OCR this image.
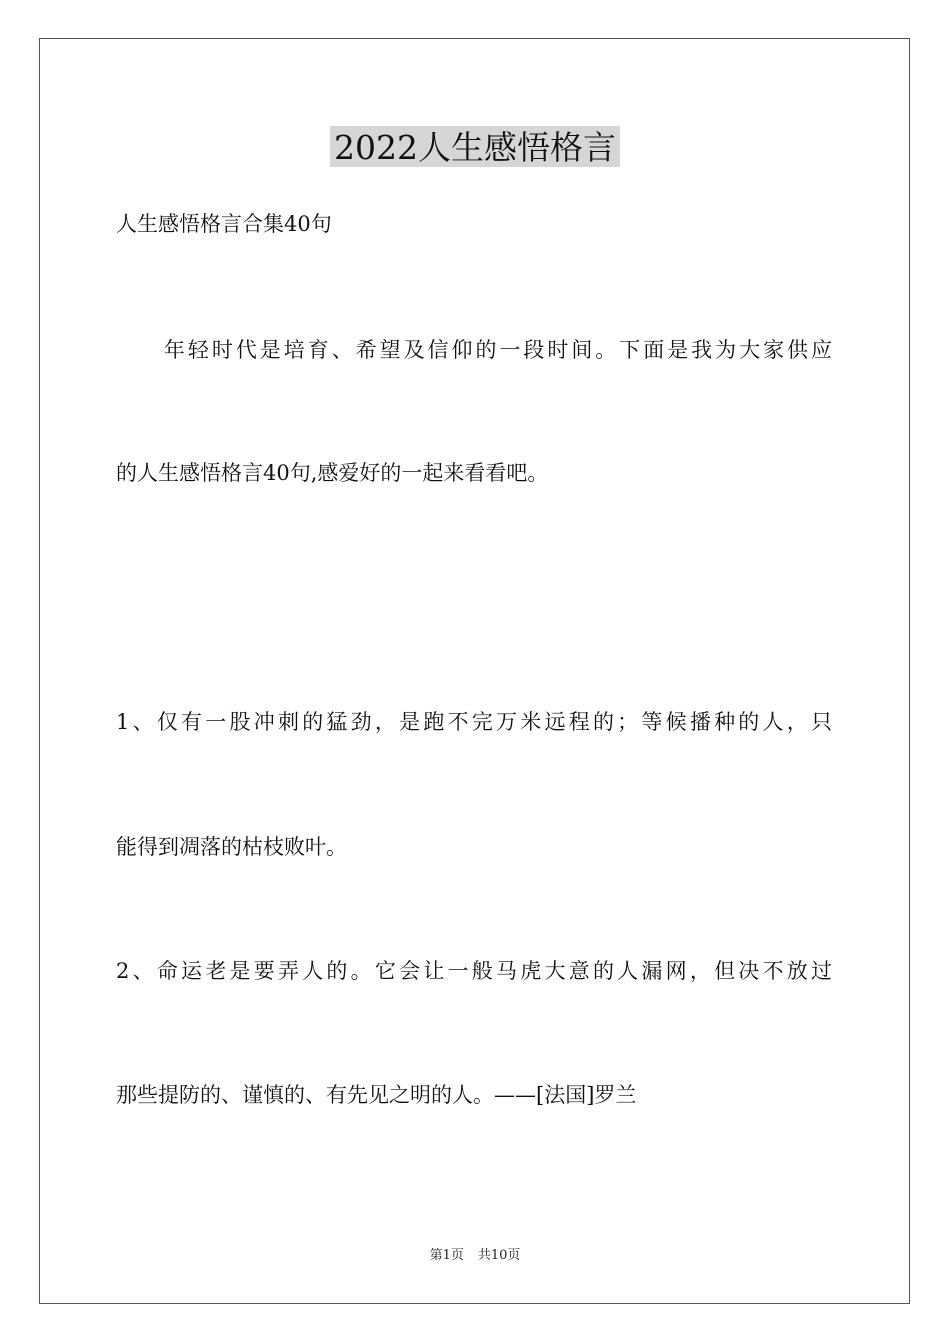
2022人生感悟格言
人生感悟格言合集40句
　　年轻时代是培育、希望及信仰的一段时间。下面是我为大家供应
的人生感悟格言40句,感爱好的一起来看看吧。
1、仅有一股冲刺的猛劲，是跑不完万米远程的；等候播种的人，只
能得到凋落的枯枝败叶。
2、命运老是要弄人的。它会让一般马虎大意的人漏网，但决不放过
那些提防的、谨慎的、有先见之明的人。——[法国]罗兰
第1页 共10页
